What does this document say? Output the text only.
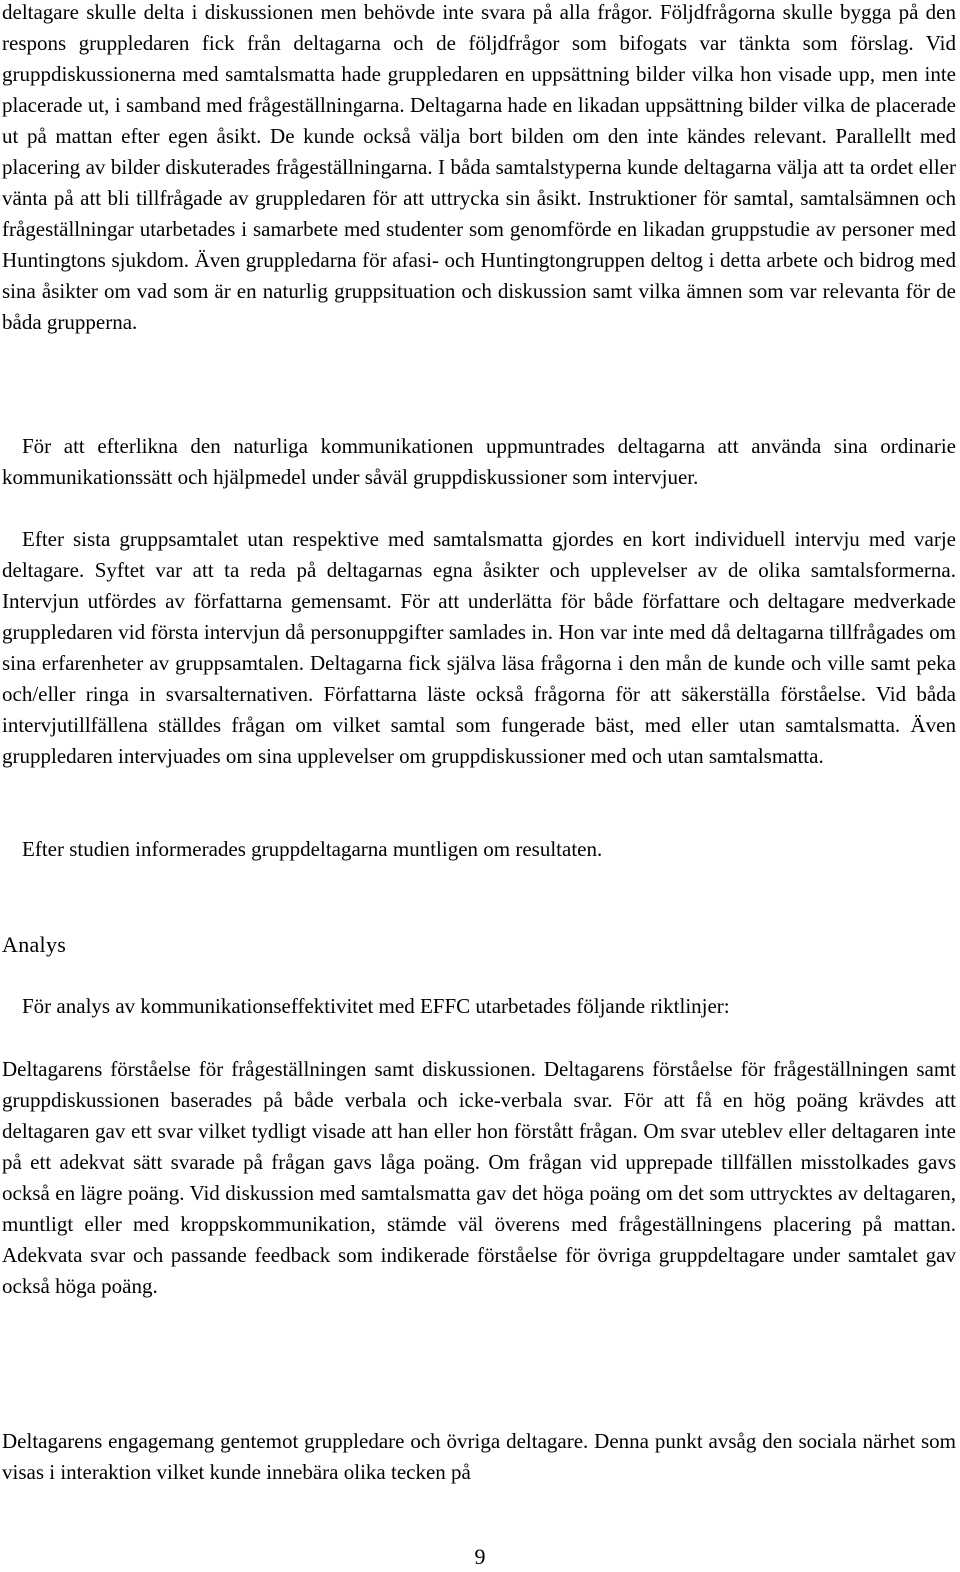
deltagare skulle delta i diskussionen men behövde inte svara på alla frågor. Följdfrågorna skulle bygga på den respons gruppledaren fick från deltagarna och de följdfrågor som bifogats var tänkta som förslag. Vid gruppdiskussionerna med samtalsmatta hade gruppledaren en uppsättning bilder vilka hon visade upp, men inte placerade ut, i samband med frågeställningarna. Deltagarna hade en likadan uppsättning bilder vilka de placerade ut på mattan efter egen åsikt. De kunde också välja bort bilden om den inte kändes relevant. Parallellt med placering av bilder diskuterades frågeställningarna. I båda samtalstyperna kunde deltagarna välja att ta ordet eller vänta på att bli tillfrågade av gruppledaren för att uttrycka sin åsikt. Instruktioner för samtal, samtalsämnen och frågeställningar utarbetades i samarbete med studenter som genomförde en likadan gruppstudie av personer med Huntingtons sjukdom. Även gruppledarna för afasi- och Huntingtongruppen deltog i detta arbete och bidrog med sina åsikter om vad som är en naturlig gruppsituation och diskussion samt vilka ämnen som var relevanta för de båda grupperna.

För att efterlikna den naturliga kommunikationen uppmuntrades deltagarna att använda sina ordinarie kommunikationssätt och hjälpmedel under såväl gruppdiskussioner som intervjuer.

Efter sista gruppsamtalet utan respektive med samtalsmatta gjordes en kort individuell intervju med varje deltagare. Syftet var att ta reda på deltagarnas egna åsikter och upplevelser av de olika samtalsformerna. Intervjun utfördes av författarna gemensamt. För att underlätta för både författare och deltagare medverkade gruppledaren vid första intervjun då personuppgifter samlades in. Hon var inte med då deltagarna tillfrågades om sina erfarenheter av gruppsamtalen. Deltagarna fick själva läsa frågorna i den mån de kunde och ville samt peka och/eller ringa in svarsalternativen. Författarna läste också frågorna för att säkerställa förståelse. Vid båda intervjutillfällena ställdes frågan om vilket samtal som fungerade bäst, med eller utan samtalsmatta. Även gruppledaren intervjuades om sina upplevelser om gruppdiskussioner med och utan samtalsmatta.

Efter studien informerades gruppdeltagarna muntligen om resultaten.

Analys

För analys av kommunikationseffektivitet med EFFC utarbetades följande riktlinjer:

Deltagarens förståelse för frågeställningen samt diskussionen. Deltagarens förståelse för frågeställningen samt gruppdiskussionen baserades på både verbala och icke-verbala svar. För att få en hög poäng krävdes att deltagaren gav ett svar vilket tydligt visade att han eller hon förstått frågan. Om svar uteblev eller deltagaren inte på ett adekvat sätt svarade på frågan gavs låga poäng. Om frågan vid upprepade tillfällen misstolkades gavs också en lägre poäng. Vid diskussion med samtalsmatta gav det höga poäng om det som uttrycktes av deltagaren, muntligt eller med kroppskommunikation, stämde väl överens med frågeställningens placering på mattan. Adekvata svar och passande feedback som indikerade förståelse för övriga gruppdeltagare under samtalet gav också höga poäng.

Deltagarens engagemang gentemot gruppledare och övriga deltagare. Denna punkt avsåg den sociala närhet som visas i interaktion vilket kunde innebära olika tecken på

9
